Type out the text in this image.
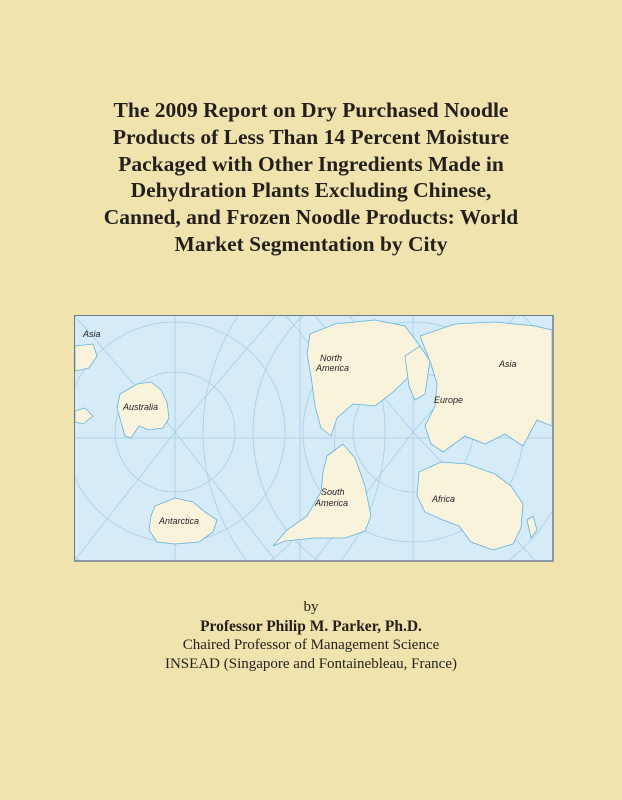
The 2009 Report on Dry Purchased Noodle
Products of Less Than 14 Percent Moisture
Packaged with Other Ingredients Made in
Dehydration Plants Excluding Chinese,
Canned, and Frozen Noodle Products: World
Market Segmentation by City
Asia
Australia
Antarctica
North
America
South
America
Europe
Asia
Africa
by
Professor Philip M. Parker, Ph.D.
Chaired Professor of Management Science
INSEAD (Singapore and Fontainebleau, France)
